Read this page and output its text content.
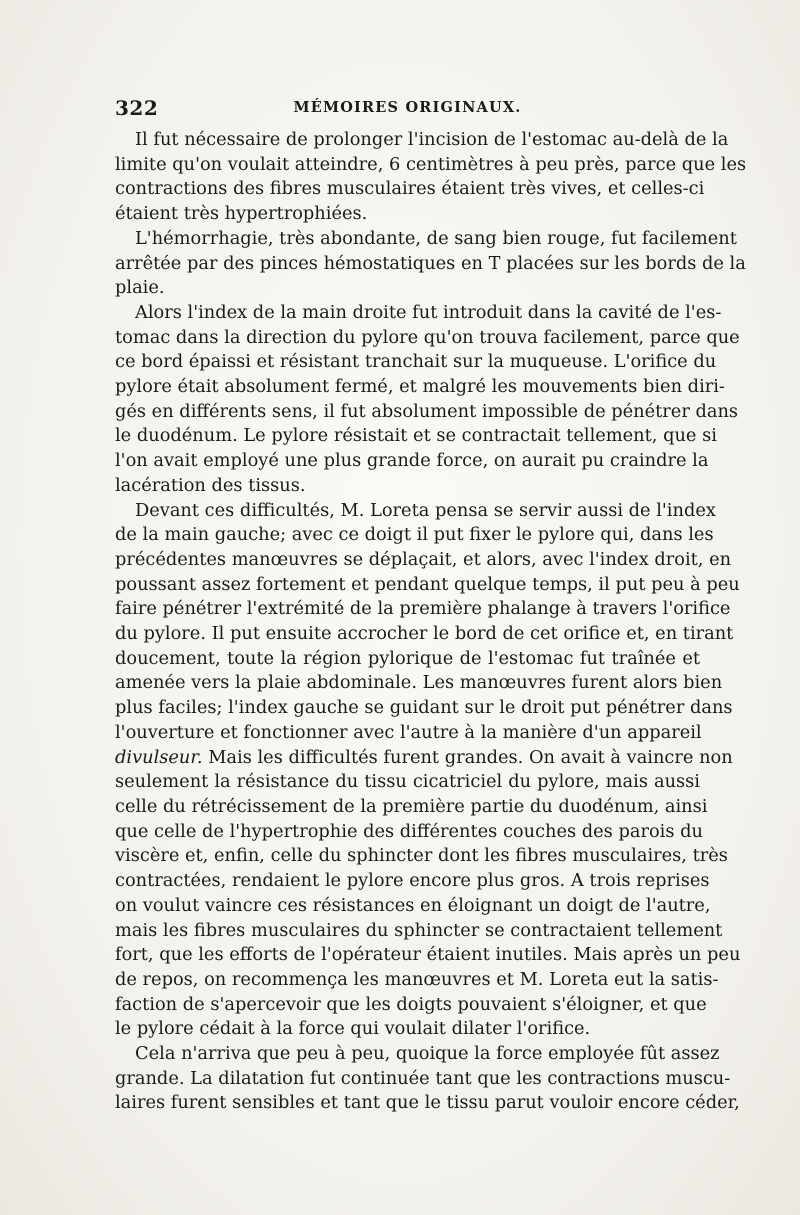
322	MÉMOIRES ORIGINAUX.

Il fut nécessaire de prolonger l'incision de l'estomac au-delà de la
limite qu'on voulait atteindre, 6 centimètres à peu près, parce que les
contractions des fibres musculaires étaient très vives, et celles-ci
étaient très hypertrophiées.

L'hémorrhagie, très abondante, de sang bien rouge, fut facilement
arrêtée par des pinces hémostatiques en T placées sur les bords de la
plaie.

Alors l'index de la main droite fut introduit dans la cavité de l'es-
tomac dans la direction du pylore qu'on trouva facilement, parce que
ce bord épaissi et résistant tranchait sur la muqueuse. L'orifice du
pylore était absolument fermé, et malgré les mouvements bien diri-
gés en différents sens, il fut absolument impossible de pénétrer dans
le duodénum. Le pylore résistait et se contractait tellement, que si
l'on avait employé une plus grande force, on aurait pu craindre la
lacération des tissus.

Devant ces difficultés, M. Loreta pensa se servir aussi de l'index
de la main gauche; avec ce doigt il put fixer le pylore qui, dans les
précédentes manœuvres se déplaçait, et alors, avec l'index droit, en
poussant assez fortement et pendant quelque temps, il put peu à peu
faire pénétrer l'extrémité de la première phalange à travers l'orifice
du pylore. Il put ensuite accrocher le bord de cet orifice et, en tirant
doucement, toute la région pylorique de l'estomac fut traînée et
amenée vers la plaie abdominale. Les manœuvres furent alors bien
plus faciles; l'index gauche se guidant sur le droit put pénétrer dans
l'ouverture et fonctionner avec l'autre à la manière d'un appareil
divulseur. Mais les difficultés furent grandes. On avait à vaincre non
seulement la résistance du tissu cicatriciel du pylore, mais aussi
celle du rétrécissement de la première partie du duodénum, ainsi
que celle de l'hypertrophie des différentes couches des parois du
viscère et, enfin, celle du sphincter dont les fibres musculaires, très
contractées, rendaient le pylore encore plus gros. A trois reprises
on voulut vaincre ces résistances en éloignant un doigt de l'autre,
mais les fibres musculaires du sphincter se contractaient tellement
fort, que les efforts de l'opérateur étaient inutiles. Mais après un peu
de repos, on recommença les manœuvres et M. Loreta eut la satis-
faction de s'apercevoir que les doigts pouvaient s'éloigner, et que
le pylore cédait à la force qui voulait dilater l'orifice.

Cela n'arriva que peu à peu, quoique la force employée fût assez
grande. La dilatation fut continuée tant que les contractions muscu-
laires furent sensibles et tant que le tissu parut vouloir encore céder,
